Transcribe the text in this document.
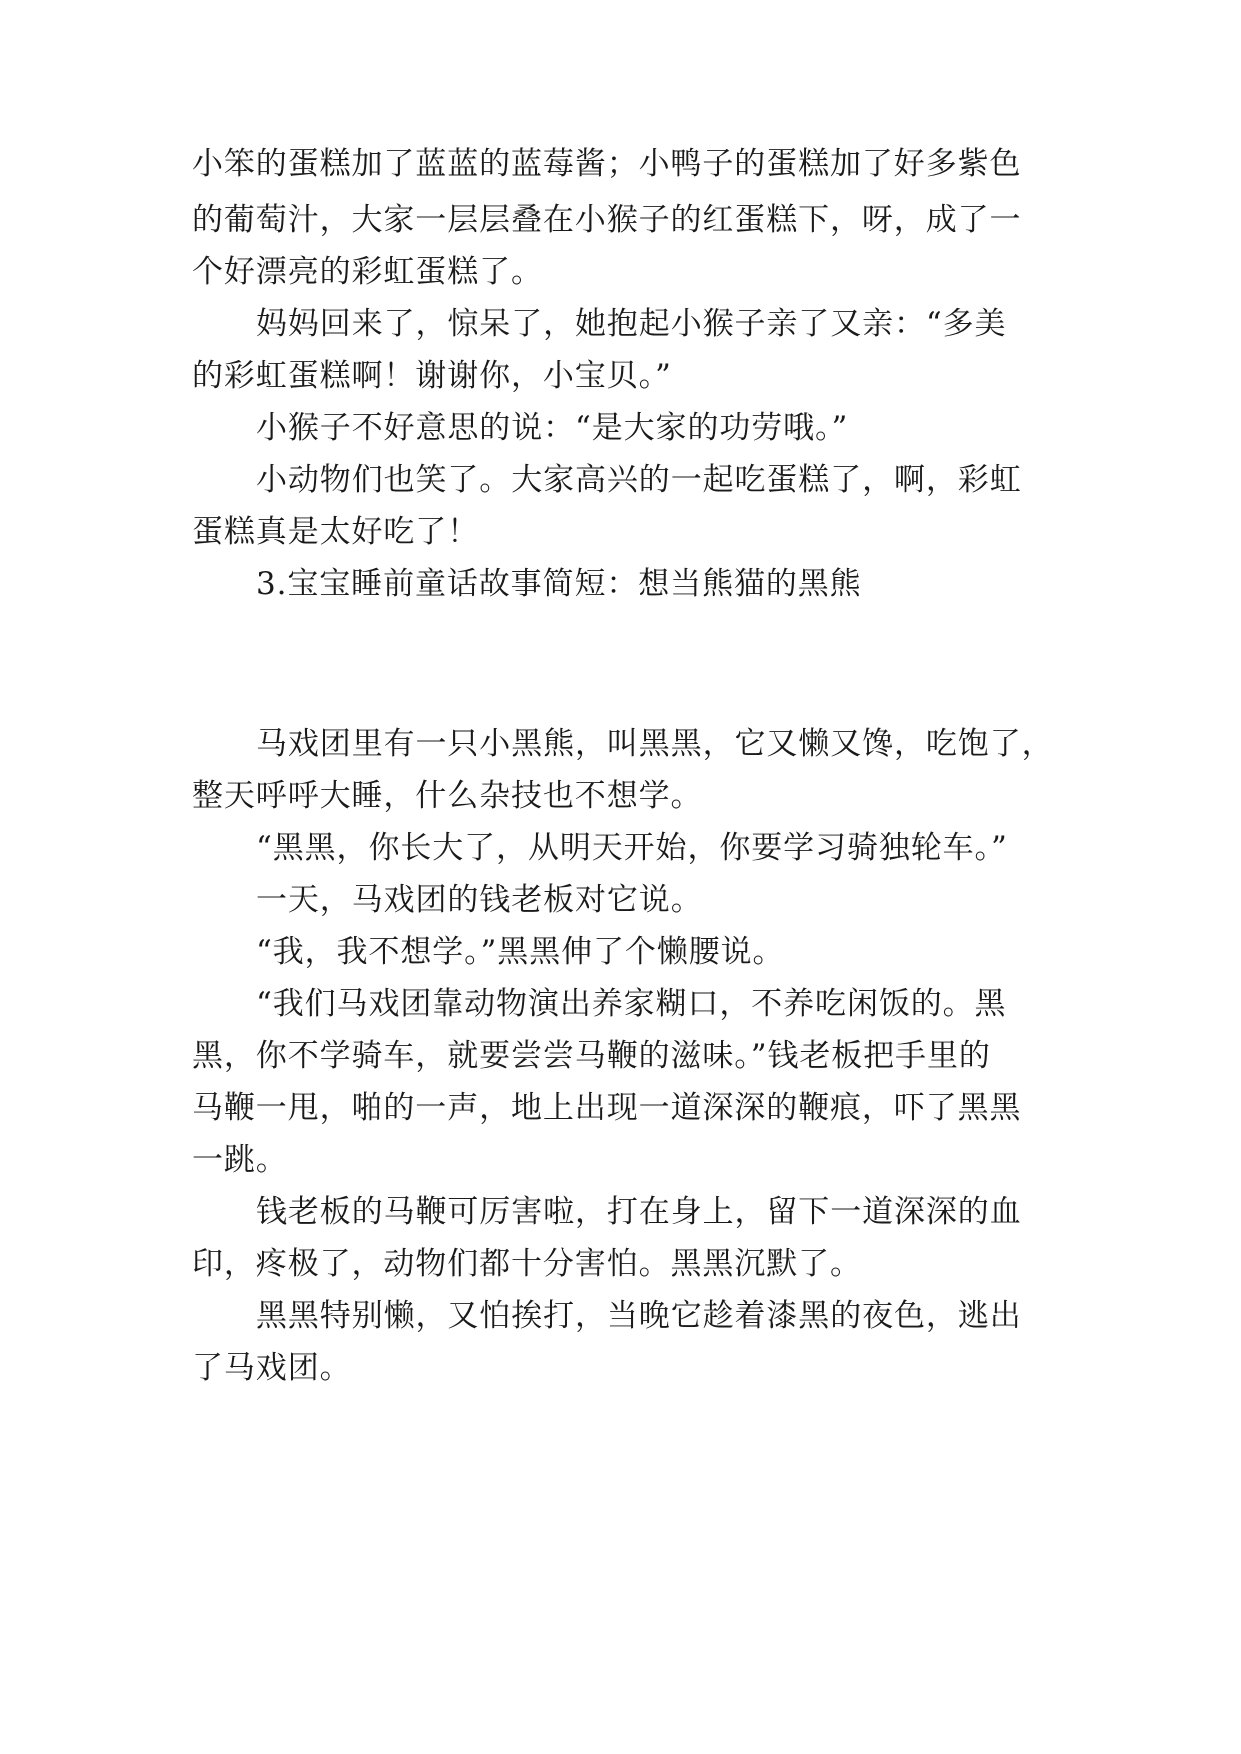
小笨的蛋糕加了蓝蓝的蓝莓酱；小鸭子的蛋糕加了好多紫色
的葡萄汁，大家一层层叠在小猴子的红蛋糕下，呀，成了一
个好漂亮的彩虹蛋糕了。
妈妈回来了，惊呆了，她抱起小猴子亲了又亲：“多美
的彩虹蛋糕啊！谢谢你，小宝贝。”
小猴子不好意思的说：“是大家的功劳哦。”
小动物们也笑了。大家高兴的一起吃蛋糕了，啊，彩虹
蛋糕真是太好吃了！
3.宝宝睡前童话故事简短：想当熊猫的黑熊
马戏团里有一只小黑熊，叫黑黑，它又懒又馋，吃饱了，
整天呼呼大睡，什么杂技也不想学。
“黑黑，你长大了，从明天开始，你要学习骑独轮车。”
一天，马戏团的钱老板对它说。
“我，我不想学。”黑黑伸了个懒腰说。
“我们马戏团靠动物演出养家糊口，不养吃闲饭的。黑
黑，你不学骑车，就要尝尝马鞭的滋味。”钱老板把手里的
马鞭一甩，啪的一声，地上出现一道深深的鞭痕，吓了黑黑
一跳。
钱老板的马鞭可厉害啦，打在身上，留下一道深深的血
印，疼极了，动物们都十分害怕。黑黑沉默了。
黑黑特别懒，又怕挨打，当晚它趁着漆黑的夜色，逃出
了马戏团。
